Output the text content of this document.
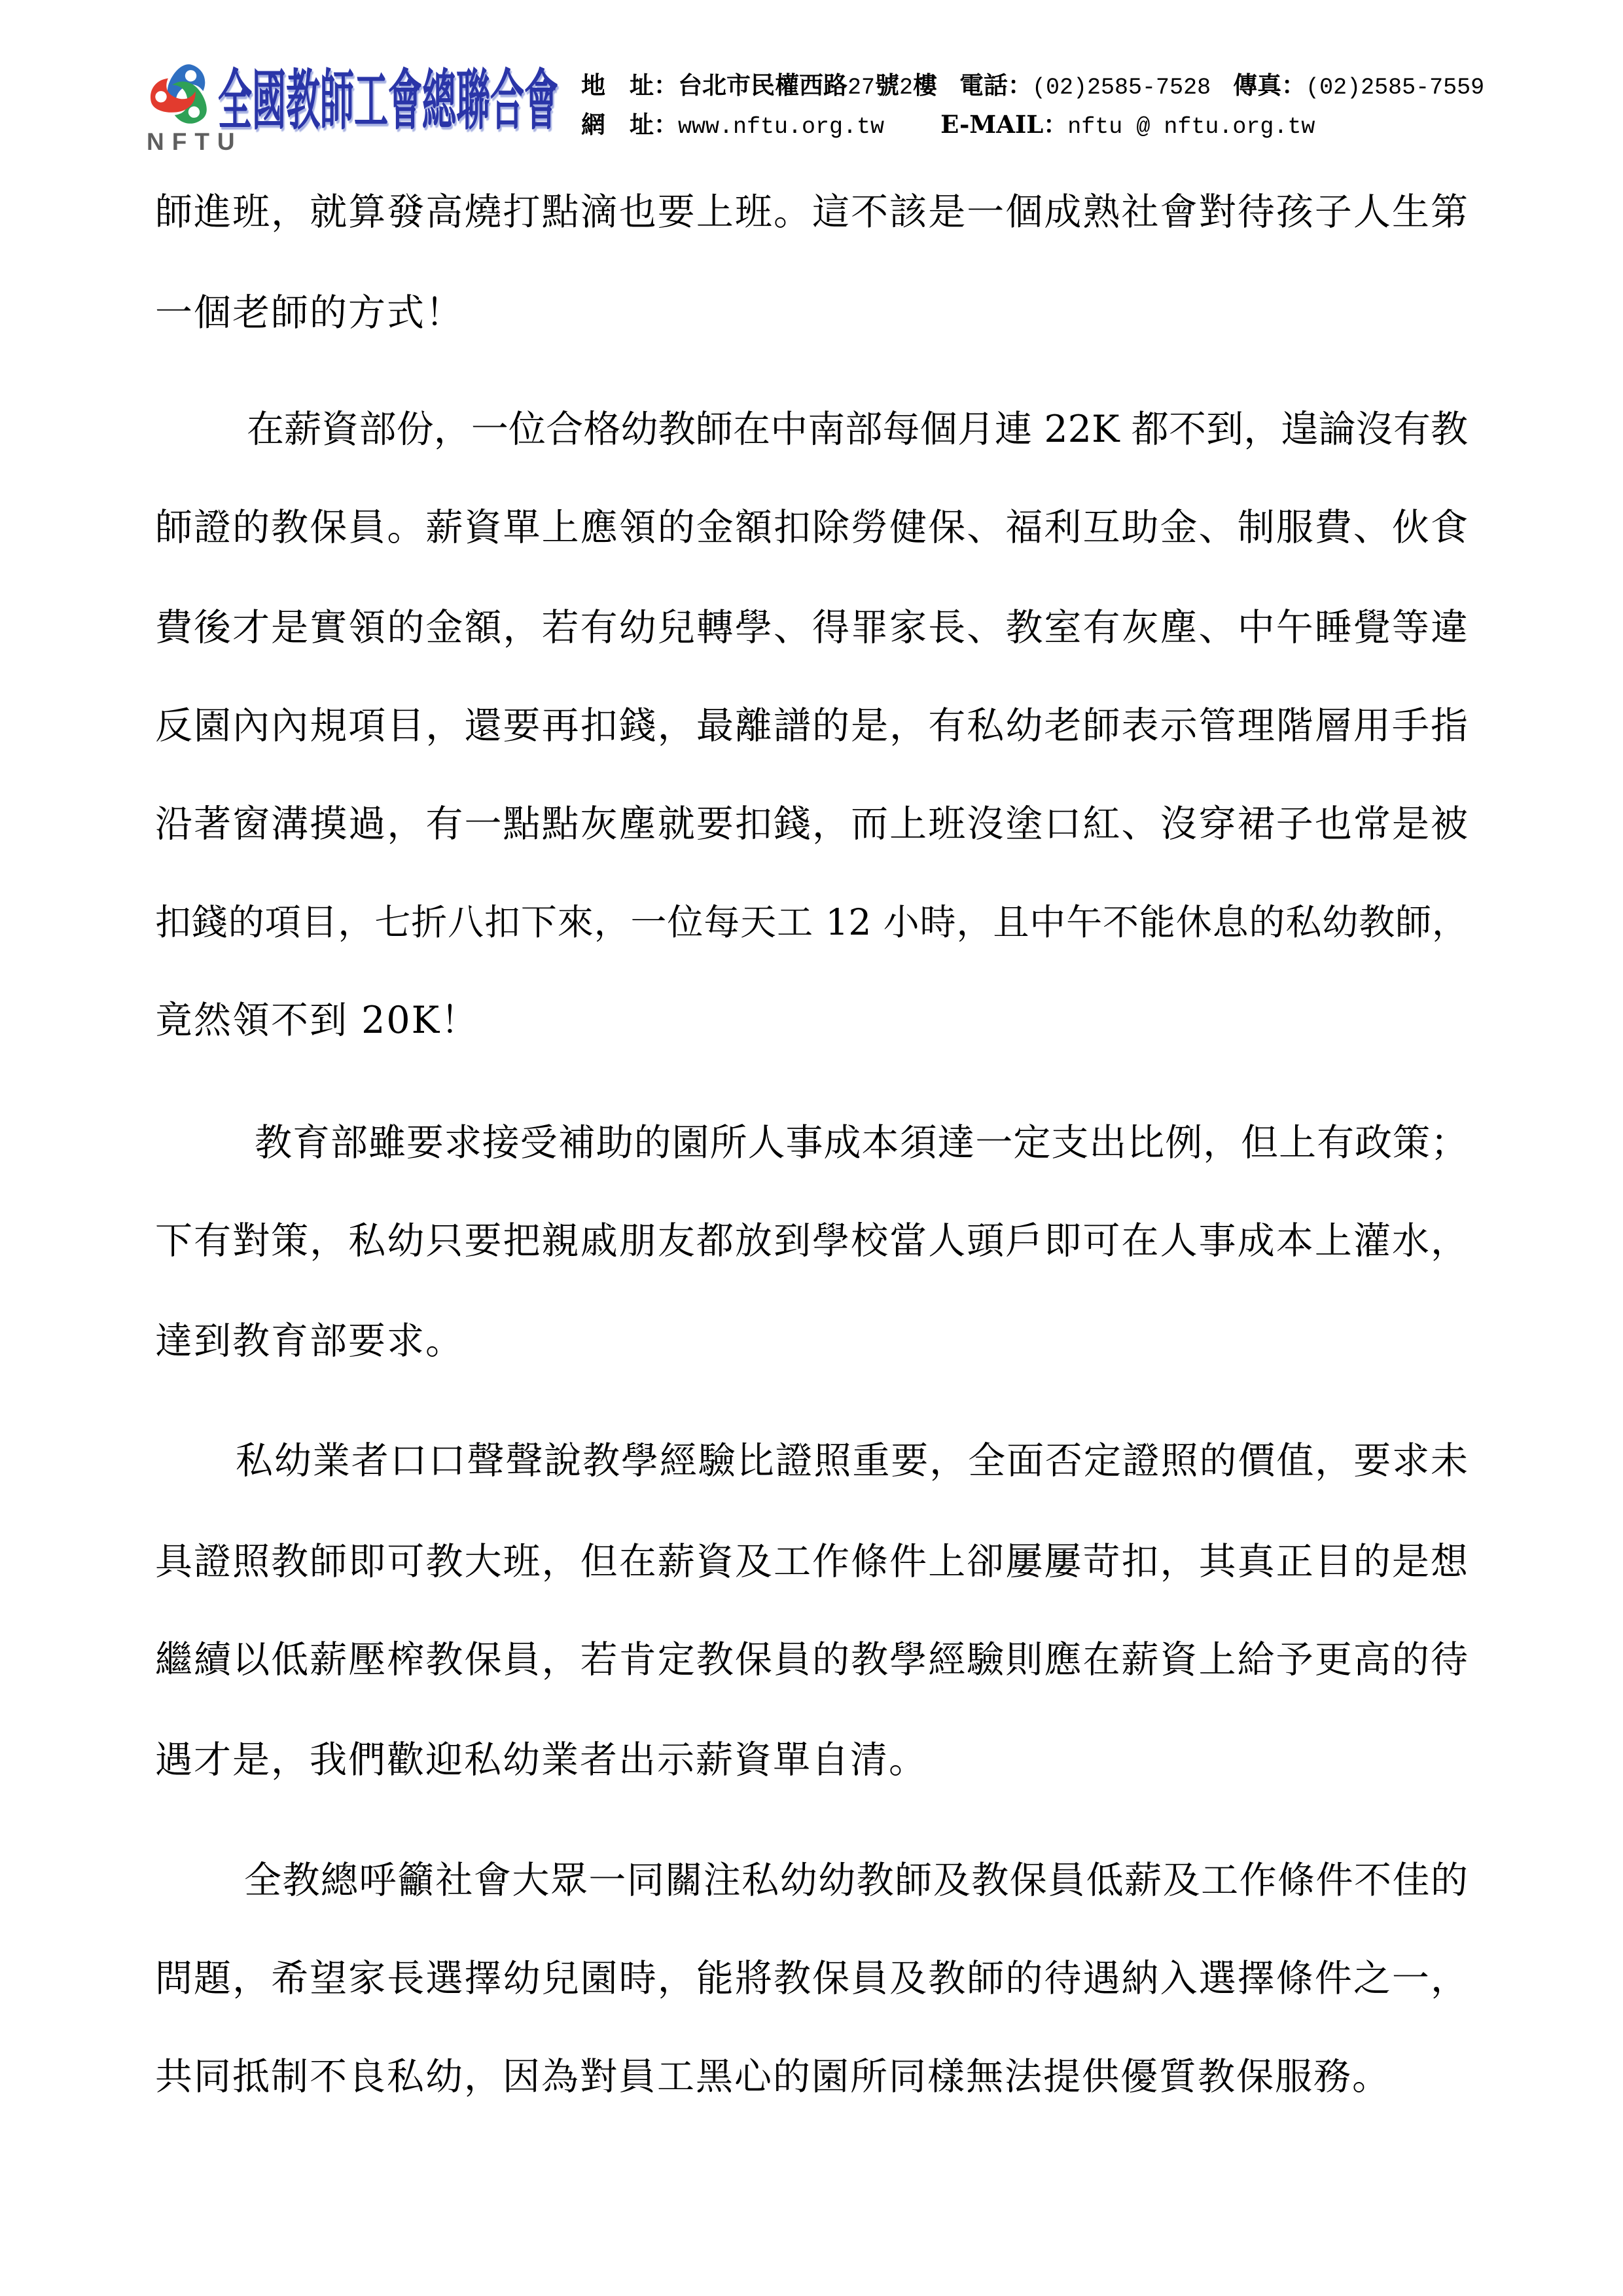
NFTU
全國教師工會總聯合會 地　址：台北市民權西路27號2樓 電話：(02)2585-7528 傳真：(02)2585-7559
網　址：www.nftu.org.tw E-MAIL：nftu @ nftu.org.tw
師進班，就算發高燒打點滴也要上班。這不該是一個成熟社會對待孩子人生第
一個老師的方式！
在薪資部份，一位合格幼教師在中南部每個月連 22K 都不到，遑論沒有教
師證的教保員。薪資單上應領的金額扣除勞健保、福利互助金、制服費、伙食
費後才是實領的金額，若有幼兒轉學、得罪家長、教室有灰塵、中午睡覺等違
反園內內規項目，還要再扣錢，最離譜的是，有私幼老師表示管理階層用手指
沿著窗溝摸過，有一點點灰塵就要扣錢，而上班沒塗口紅、沒穿裙子也常是被
扣錢的項目，七折八扣下來，一位每天工 12 小時，且中午不能休息的私幼教師，
竟然領不到 20K！
教育部雖要求接受補助的園所人事成本須達一定支出比例，但上有政策；
下有對策，私幼只要把親戚朋友都放到學校當人頭戶即可在人事成本上灌水，
達到教育部要求。
私幼業者口口聲聲說教學經驗比證照重要，全面否定證照的價值，要求未
具證照教師即可教大班，但在薪資及工作條件上卻屢屢苛扣，其真正目的是想
繼續以低薪壓榨教保員，若肯定教保員的教學經驗則應在薪資上給予更高的待
遇才是，我們歡迎私幼業者出示薪資單自清。
全教總呼籲社會大眾一同關注私幼幼教師及教保員低薪及工作條件不佳的
問題，希望家長選擇幼兒園時，能將教保員及教師的待遇納入選擇條件之一，
共同抵制不良私幼，因為對員工黑心的園所同樣無法提供優質教保服務。
